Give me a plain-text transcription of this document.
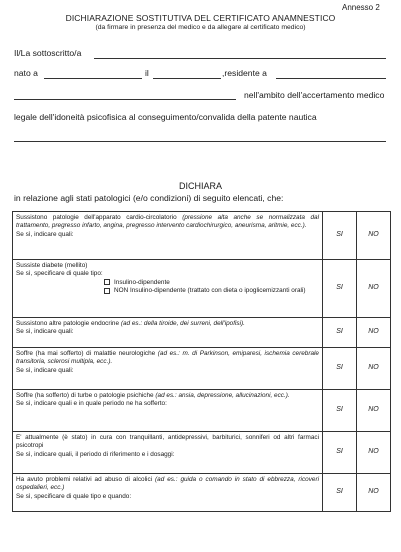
Annesso 2
DICHIARAZIONE SOSTITUTIVA DEL CERTIFICATO ANAMNESTICO
(da firmare in presenza del medico e da allegare al certificato medico)
Il/La sottoscritto/a
nato a	il	,residente a
nell'ambito dell'accertamento medico
legale dell'idoneità psicofisica al conseguimento/convalida della patente nautica
DICHIARA
in relazione agli stati patologici (e/o condizioni) di seguito elencati, che:
Sussistono patologie dell'apparato cardio-circolatorio (pressione alta anche se normalizzata dal trattamento, pregresso infarto, angina, pregresso intervento cardiochirurgico, aneurisma, aritmie, ecc.).
Se sì, indicare quali:	SI	NO

Sussiste diabete (mellito)
Se sì, specificare di quale tipo:
Insulino-dipendente
NON Insulino-dipendente (trattato con dieta o ipoglicemizzanti orali)	SI	NO

Sussistono altre patologie endocrine (ad es.: della tiroide, dei surreni, dell'ipofisi).
Se sì, indicare quali:	SI	NO

Soffre (ha mai sofferto) di malattie neurologiche (ad es.: m. di Parkinson, emiparesi, ischemia cerebrale transitoria, sclerosi multipla, ecc.).
Se sì, indicare quali:	SI	NO

Soffre (ha sofferto) di turbe o patologie psichiche (ad es.: ansia, depressione, allucinazioni, ecc.).
Se sì, indicare quali e in quale periodo ne ha sofferto:	SI	NO

E' attualmente (è stato) in cura con tranquillanti, antidepressivi, barbiturici, sonniferi od altri farmaci psicotropi
Se sì, indicare quali, il periodo di riferimento e i dosaggi:	SI	NO

Ha avuto problemi relativi ad abuso di alcolici (ad es.: guida o comando in stato di ebbrezza, ricoveri ospedalieri, ecc.)
Se sì, specificare di quale tipo e quando:	SI	NO
